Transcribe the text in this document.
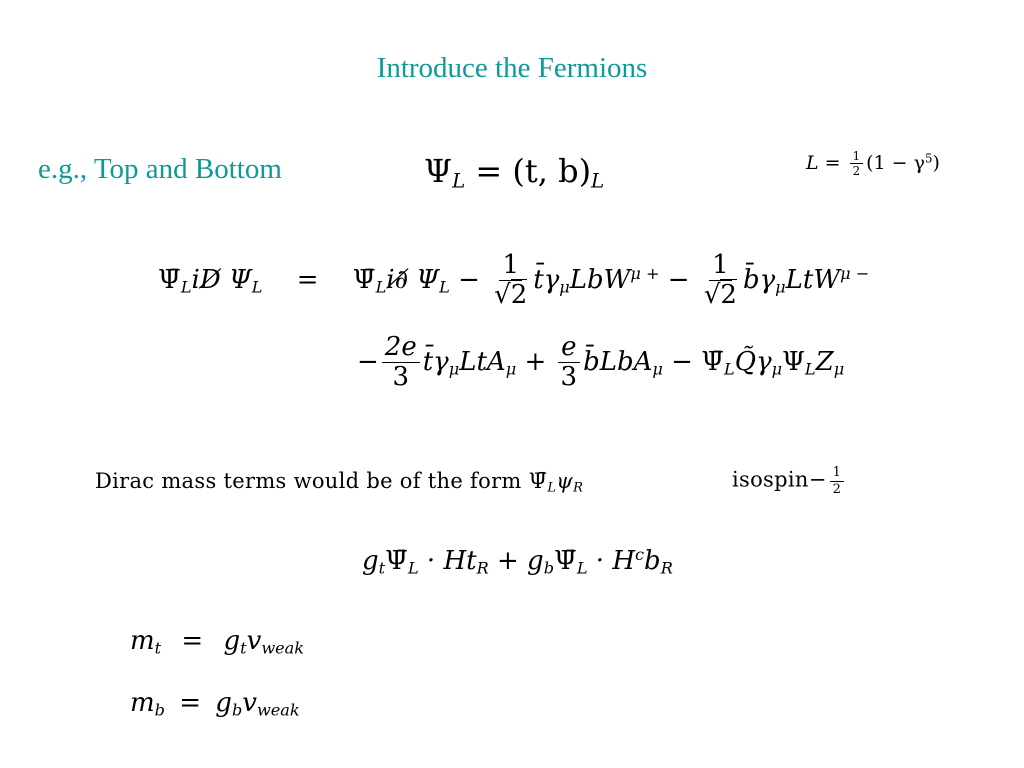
Introduce the Fermions
e.g., Top and Bottom	$\Psi_L = (t$, $b)_L$
$L = \frac{1}{2} (1 - \gamma^5)$
$\Psī_LiD̸$ $\Psi_L$ = $\Psī_Li\partial̸$ $\Psi_L - \frac{1}{√2}$ $t̄\gamma_\mu LbW^{\mu +} - \frac{1}{√2}$ $b̄\gamma_\mu LtW^{\mu -}$
− $\frac{2e}{3}$ $t̄\gamma_\mu LtA_\mu + \frac{e}{3}$ b̄LbA$_\mu$ − $\Psī_LQ̃\gamma_\mu\Psi_LZ_\mu$
Dirac mass terms would be of the form $\Psī_L\psi_R$	isospin− $\frac{1}{2}$
$g_t\Psī_L \cdot Ht_R$ + $g_b\Psī_L \cdot H^cb_R$
$m_t = g_tv_{weak}$
$m_b = g_bv_{weak}$
